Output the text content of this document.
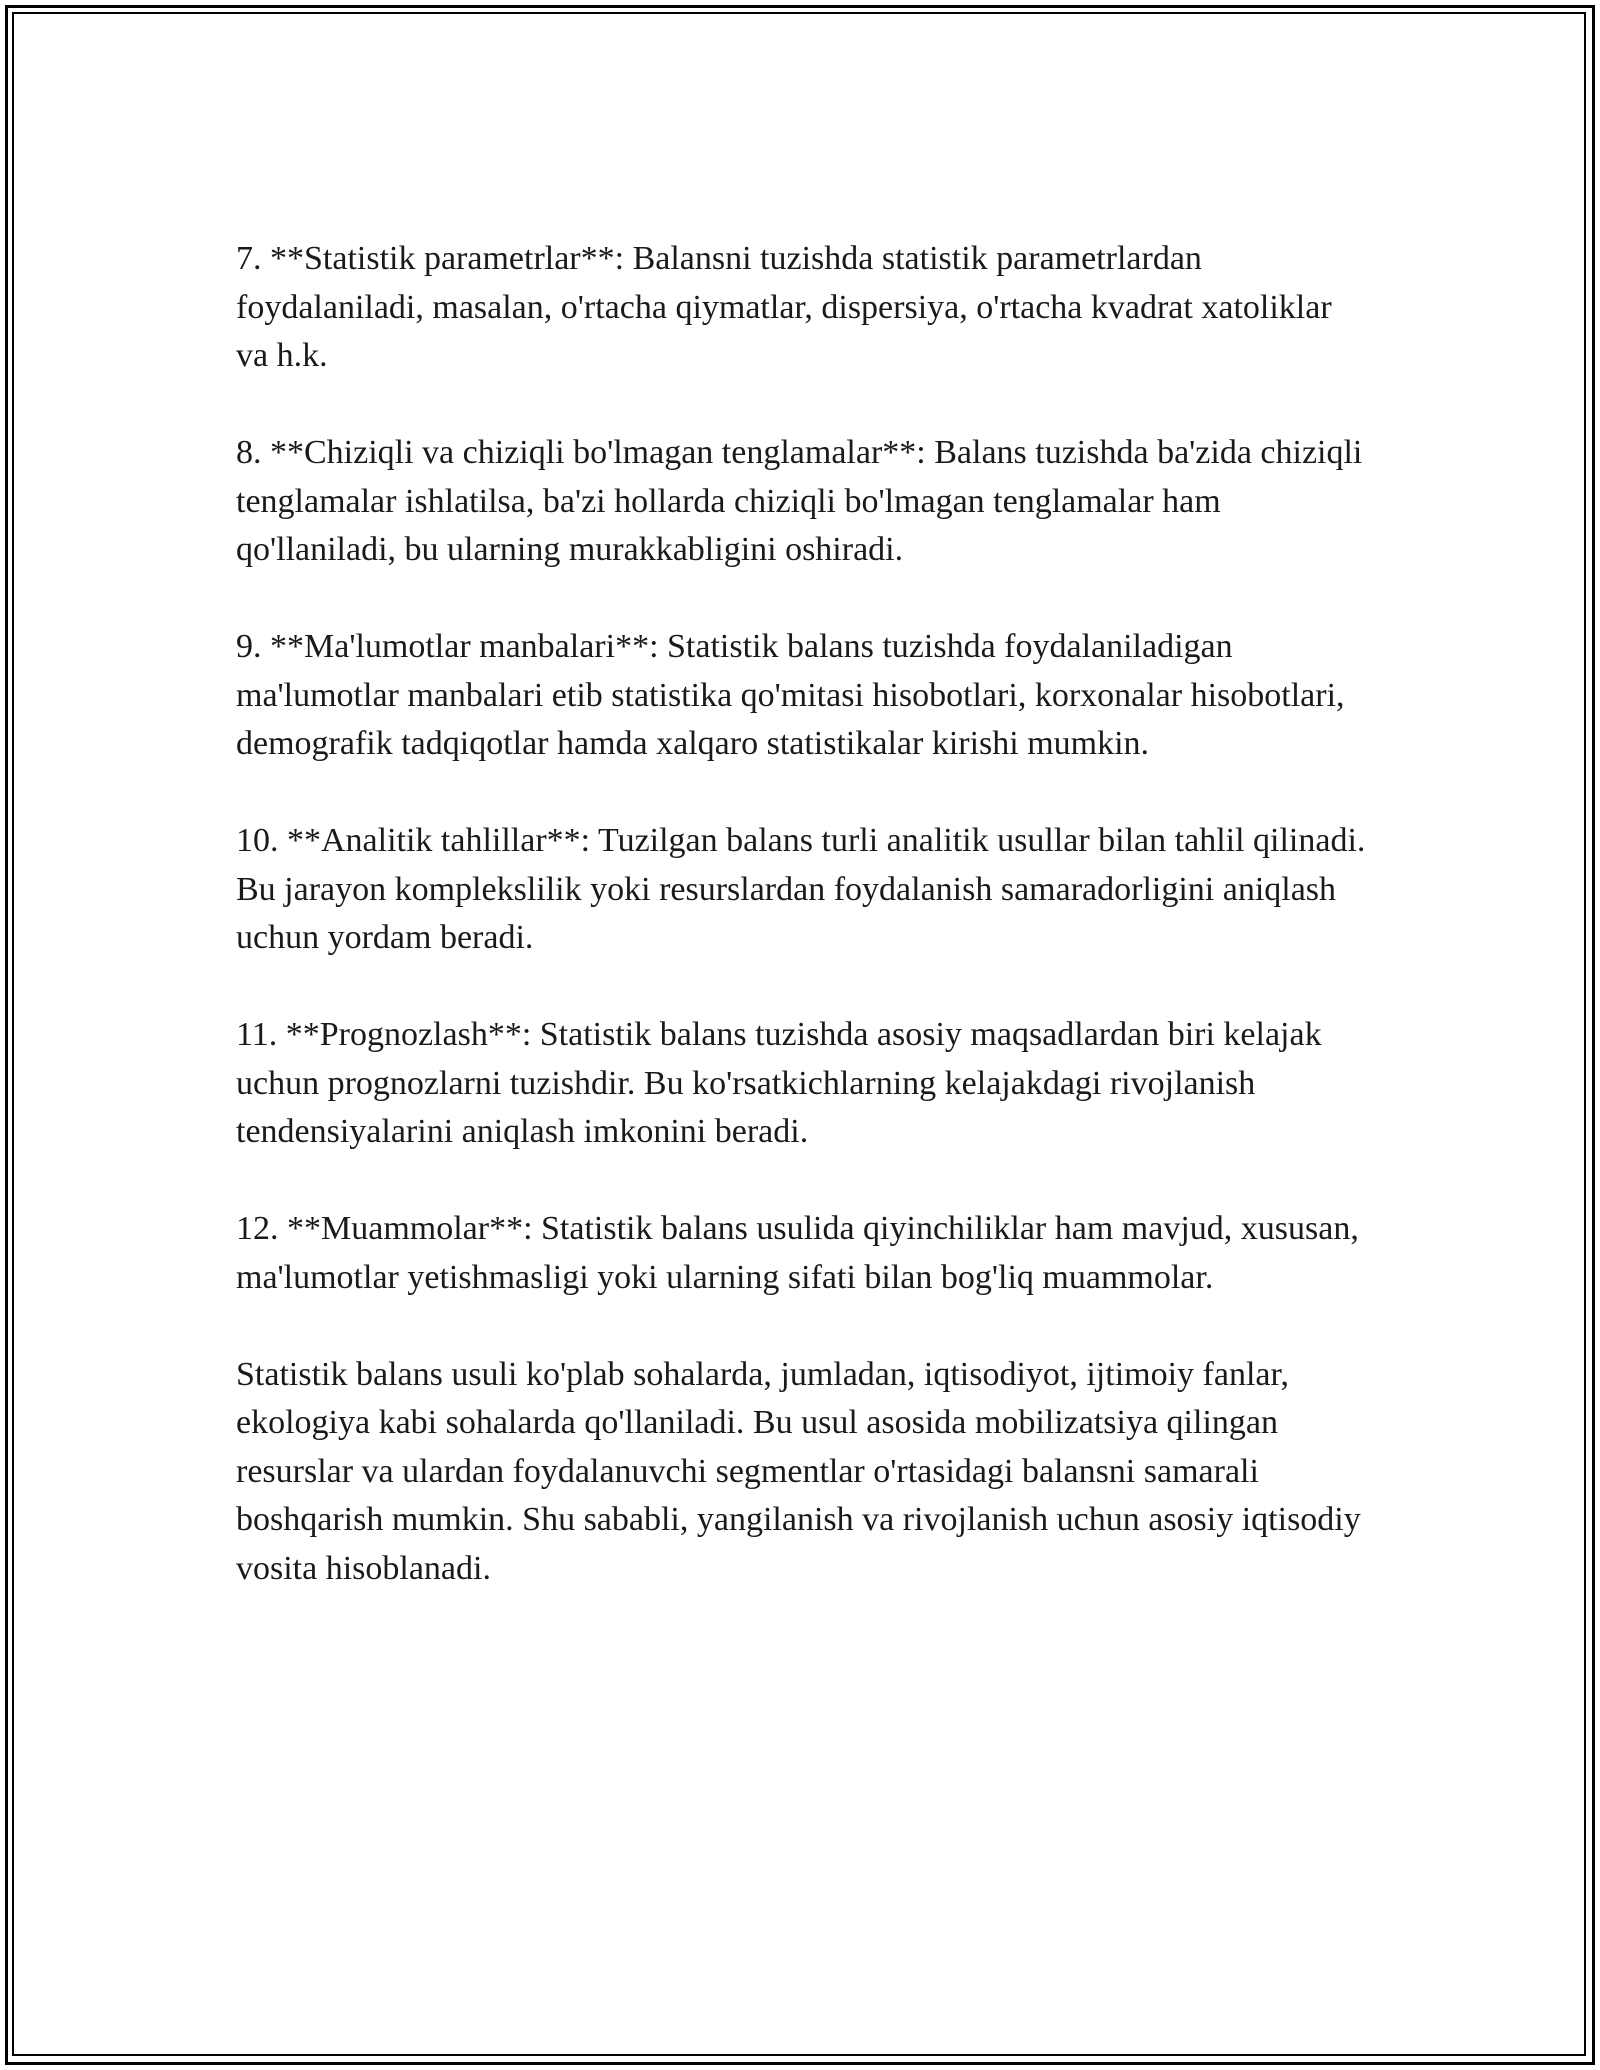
7. **Statistik parametrlar**: Balansni tuzishda statistik parametrlardan foydalaniladi, masalan, o'rtacha qiymatlar, dispersiya, o'rtacha kvadrat xatoliklar va h.k.

8. **Chiziqli va chiziqli bo'lmagan tenglamalar**: Balans tuzishda ba'zida chiziqli tenglamalar ishlatilsa, ba'zi hollarda chiziqli bo'lmagan tenglamalar ham qo'llaniladi, bu ularning murakkabligini oshiradi.

9. **Ma'lumotlar manbalari**: Statistik balans tuzishda foydalaniladigan ma'lumotlar manbalari etib statistika qo'mitasi hisobotlari, korxonalar hisobotlari, demografik tadqiqotlar hamda xalqaro statistikalar kirishi mumkin.

10. **Analitik tahlillar**: Tuzilgan balans turli analitik usullar bilan tahlil qilinadi. Bu jarayon komplekslilik yoki resurslardan foydalanish samaradorligini aniqlash uchun yordam beradi.

11. **Prognozlash**: Statistik balans tuzishda asosiy maqsadlardan biri kelajak uchun prognozlarni tuzishdir. Bu ko'rsatkichlarning kelajakdagi rivojlanish tendensiyalarini aniqlash imkonini beradi.

12. **Muammolar**: Statistik balans usulida qiyinchiliklar ham mavjud, xususan, ma'lumotlar yetishmasligi yoki ularning sifati bilan bog'liq muammolar.

Statistik balans usuli ko'plab sohalarda, jumladan, iqtisodiyot, ijtimoiy fanlar, ekologiya kabi sohalarda qo'llaniladi. Bu usul asosida mobilizatsiya qilingan resurslar va ulardan foydalanuvchi segmentlar o'rtasidagi balansni samarali boshqarish mumkin. Shu sababli, yangilanish va rivojlanish uchun asosiy iqtisodiy vosita hisoblanadi.
